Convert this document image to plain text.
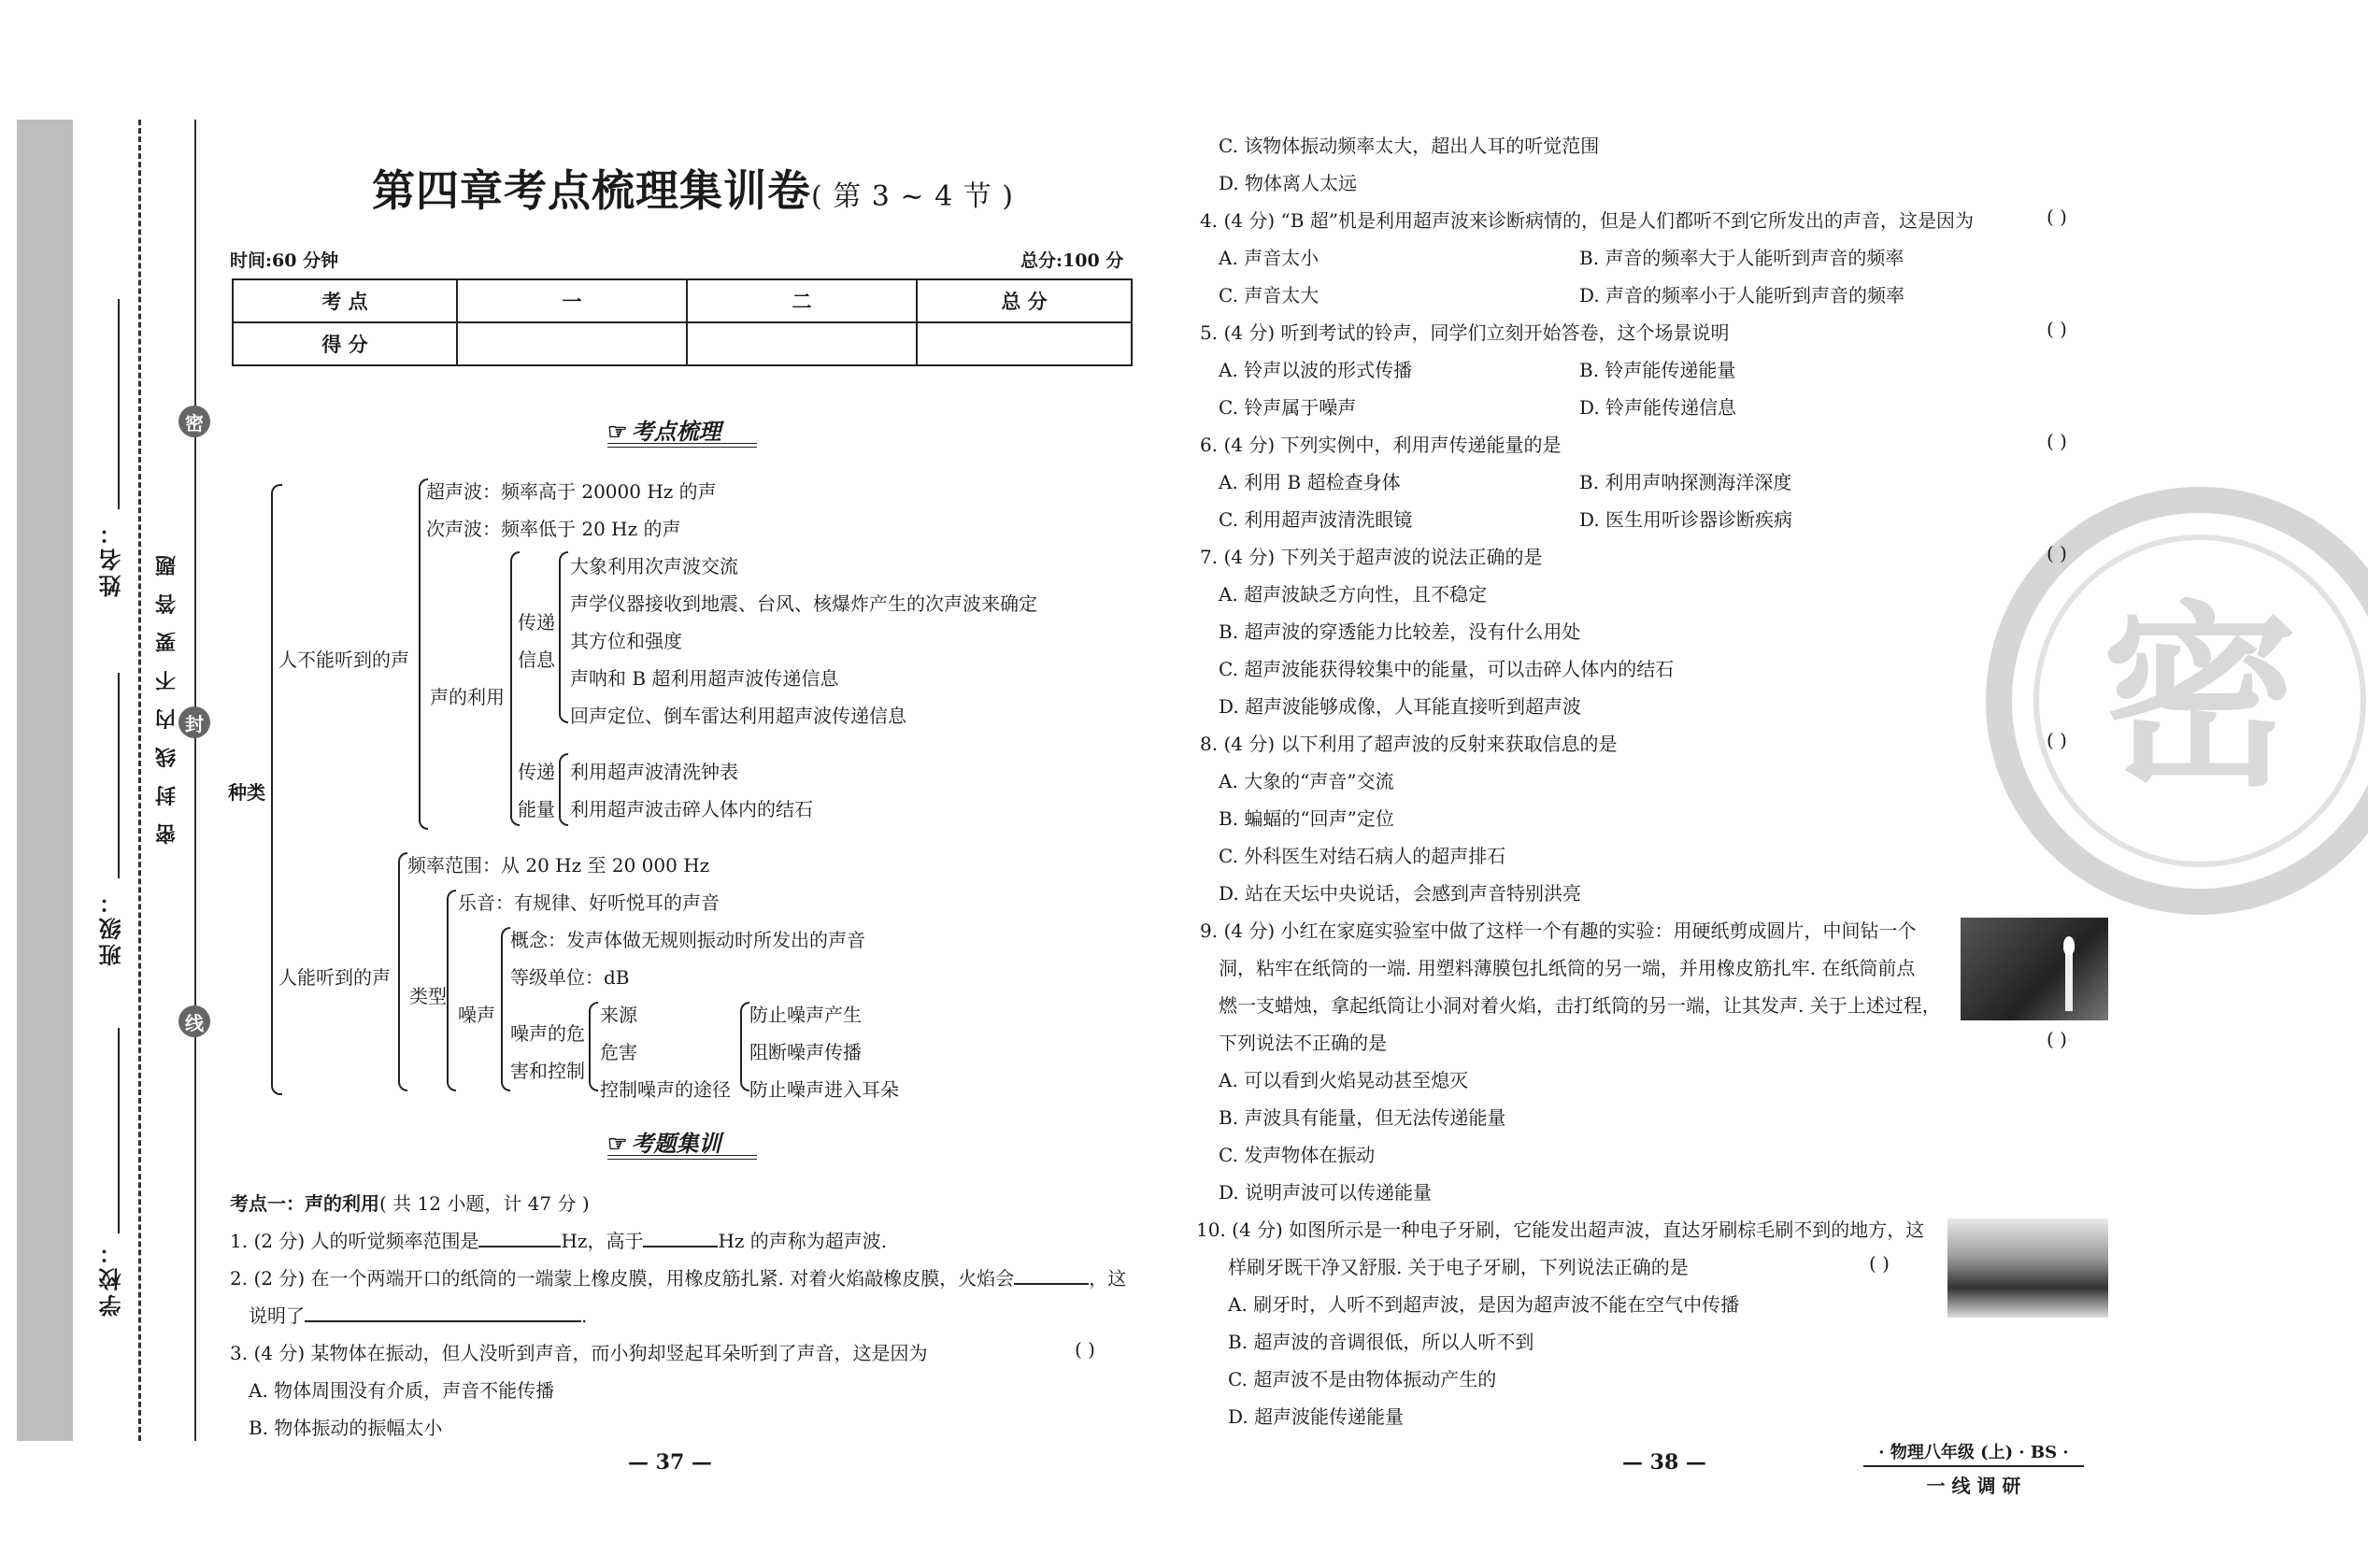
学校：
班级：
姓名：
密
封
线
密
封
线
内
不
要
答
题
第四章考点梳理集训卷( 第 3 ~ 4 节 )
时间:60 分钟	总分:100 分
考 点	一	二	总 分
得 分			
☞ 考点梳理
种类
人不能听到的声
超声波：频率高于 20000 Hz 的声
次声波：频率低于 20 Hz 的声
声的利用
传递
信息
大象利用次声波交流
声学仪器接收到地震、台风、核爆炸产生的次声波来确定
其方位和强度
声呐和 B 超利用超声波传递信息
回声定位、倒车雷达利用超声波传递信息
传递
能量
利用超声波清洗钟表
利用超声波击碎人体内的结石
人能听到的声
频率范围：从 20 Hz 至 20 000 Hz
类型
乐音：有规律、好听悦耳的声音
噪声
概念：发声体做无规则振动时所发出的声音
等级单位：dB
噪声的危
害和控制
来源
危害
控制噪声的途径
防止噪声产生
阻断噪声传播
防止噪声进入耳朵
☞ 考题集训
考点一：声的利用( 共 12 小题，计 47 分 )
1. (2 分) 人的听觉频率范围是	Hz，高于	Hz 的声称为超声波.
2. (2 分) 在一个两端开口的纸筒的一端蒙上橡皮膜，用橡皮筋扎紧. 对着火焰敲橡皮膜，火焰会	，这
说明了	.
3. (4 分) 某物体在振动，但人没听到声音，而小狗却竖起耳朵听到了声音，这是因为	( )
A. 物体周围没有介质，声音不能传播
B. 物体振动的振幅太小
— 37 —
密
C. 该物体振动频率太大，超出人耳的听觉范围
D. 物体离人太远
4. (4 分) “B 超”机是利用超声波来诊断病情的，但是人们都听不到它所发出的声音，这是因为	( )
A. 声音太小	B. 声音的频率大于人能听到声音的频率
C. 声音太大	D. 声音的频率小于人能听到声音的频率
5. (4 分) 听到考试的铃声，同学们立刻开始答卷，这个场景说明	( )
A. 铃声以波的形式传播	B. 铃声能传递能量
C. 铃声属于噪声	D. 铃声能传递信息
6. (4 分) 下列实例中，利用声传递能量的是	( )
A. 利用 B 超检查身体	B. 利用声呐探测海洋深度
C. 利用超声波清洗眼镜	D. 医生用听诊器诊断疾病
7. (4 分) 下列关于超声波的说法正确的是	( )
A. 超声波缺乏方向性，且不稳定
B. 超声波的穿透能力比较差，没有什么用处
C. 超声波能获得较集中的能量，可以击碎人体内的结石
D. 超声波能够成像，人耳能直接听到超声波
8. (4 分) 以下利用了超声波的反射来获取信息的是	( )
A. 大象的“声音”交流
B. 蝙蝠的“回声”定位
C. 外科医生对结石病人的超声排石
D. 站在天坛中央说话，会感到声音特别洪亮
9. (4 分) 小红在家庭实验室中做了这样一个有趣的实验：用硬纸剪成圆片，中间钻一个
洞，粘牢在纸筒的一端. 用塑料薄膜包扎纸筒的另一端，并用橡皮筋扎牢. 在纸筒前点
燃一支蜡烛，拿起纸筒让小洞对着火焰，击打纸筒的另一端，让其发声. 关于上述过程，
下列说法不正确的是	( )
A. 可以看到火焰晃动甚至熄灭
B. 声波具有能量，但无法传递能量
C. 发声物体在振动
D. 说明声波可以传递能量
10. (4 分) 如图所示是一种电子牙刷，它能发出超声波，直达牙刷棕毛刷不到的地方，这
样刷牙既干净又舒服. 关于电子牙刷，下列说法正确的是	( )
A. 刷牙时，人听不到超声波，是因为超声波不能在空气中传播
B. 超声波的音调很低，所以人听不到
C. 超声波不是由物体振动产生的
D. 超声波能传递能量
— 38 —	· 物理八年级 (上) · BS ·
一 线 调 研
